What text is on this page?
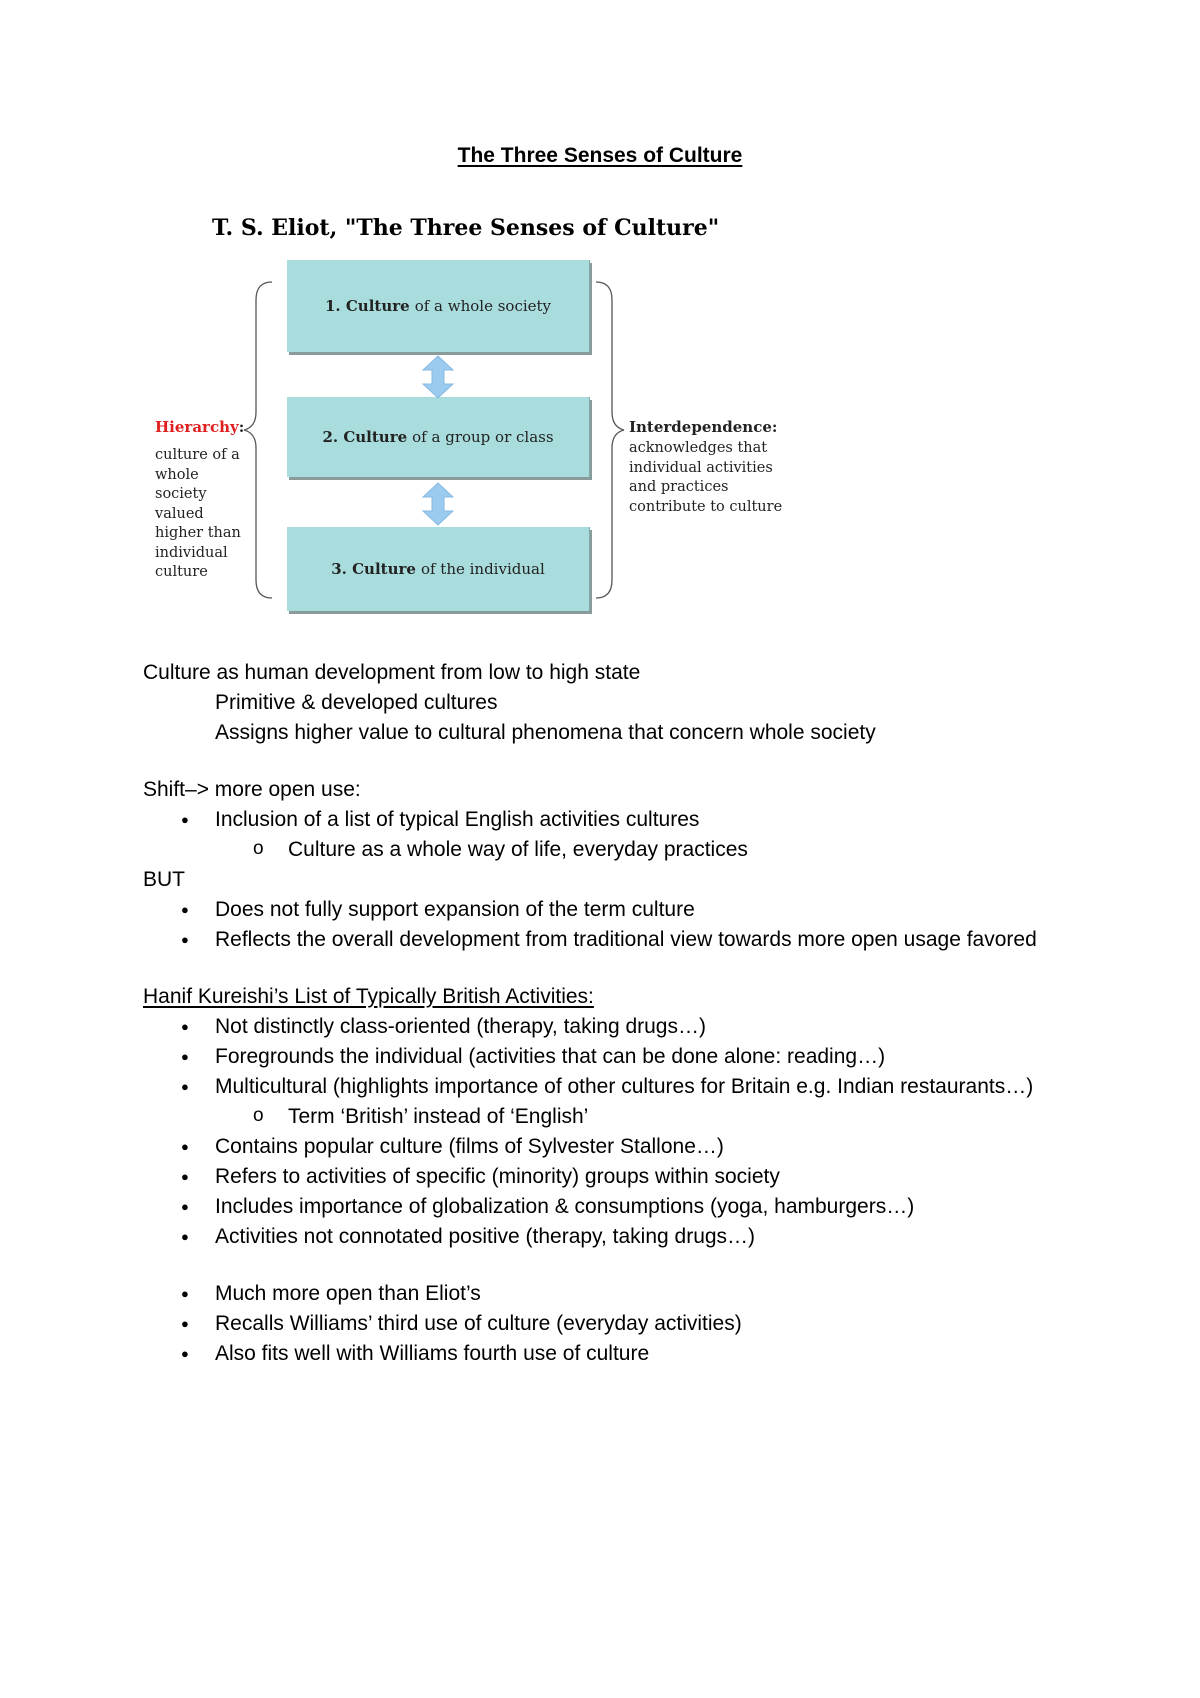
The Three Senses of Culture
T. S. Eliot, "The Three Senses of Culture"
1. Culture of a whole society
2. Culture of a group or class
3. Culture of the individual
Hierarchy:
culture of a whole society valued higher than individual culture
Interdependence:
acknowledges that individual activities and practices contribute to culture

Culture as human development from low to high state

Primitive & developed cultures

Assigns higher value to cultural phenomena that concern whole society

Shift–> more open use:

● Inclusion of a list of typical English activities cultures
o Culture as a whole way of life, everyday practices

BUT

● Does not fully support expansion of the term culture
● Reflects the overall development from traditional view towards more open usage favored

Hanif Kureishi’s List of Typically British Activities:

● Not distinctly class-oriented (therapy, taking drugs…)
● Foregrounds the individual (activities that can be done alone: reading…)
● Multicultural (highlights importance of other cultures for Britain e.g. Indian restaurants…)
o Term ‘British’ instead of ‘English’
● Contains popular culture (films of Sylvester Stallone…)
● Refers to activities of specific (minority) groups within society
● Includes importance of globalization & consumptions (yoga, hamburgers…)
● Activities not connotated positive (therapy, taking drugs…)
● Much more open than Eliot’s
● Recalls Williams’ third use of culture (everyday activities)
● Also fits well with Williams fourth use of culture
